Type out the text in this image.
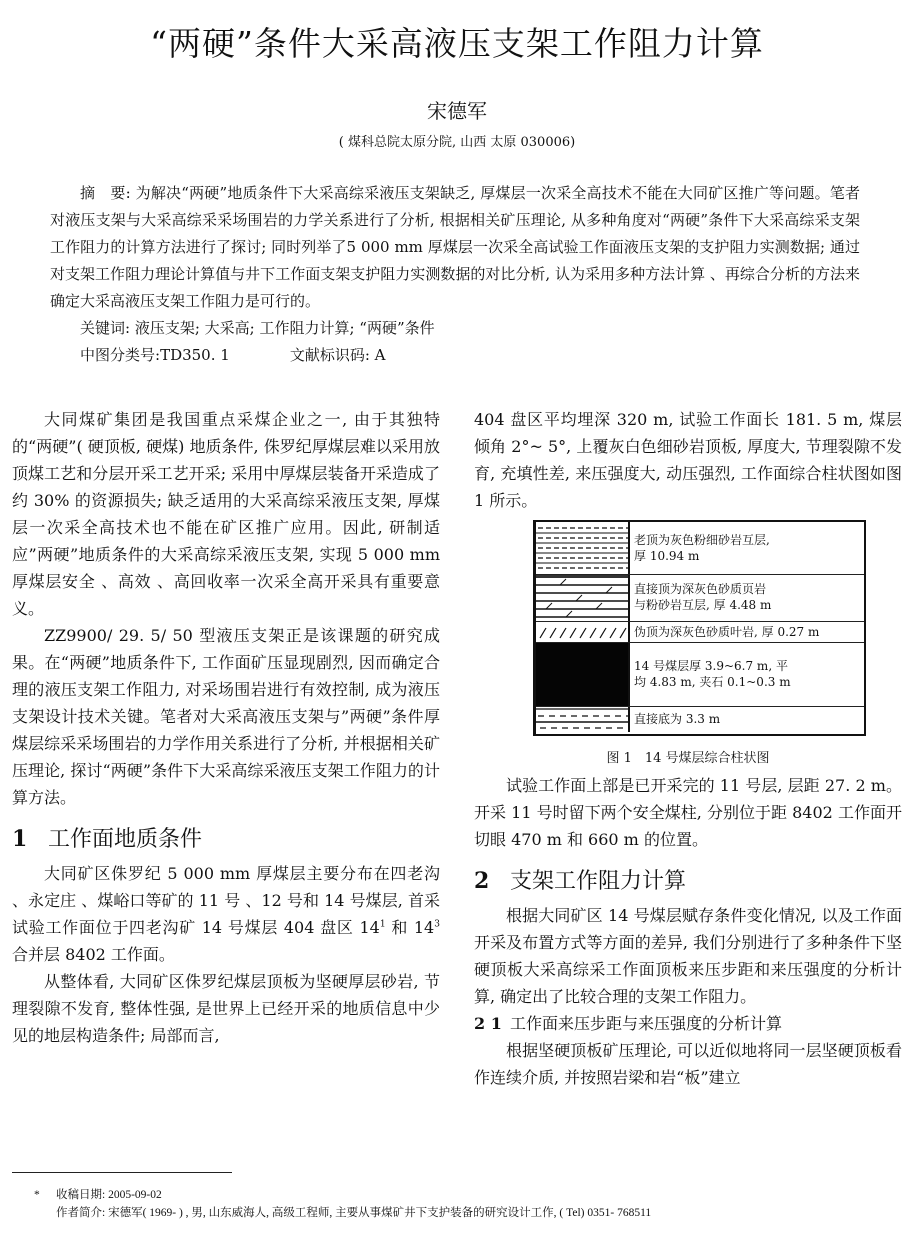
“两硬”条件大采高液压支架工作阻力计算
宋德军
( 煤科总院太原分院, 山西 太原 030006)

摘　要: 为解决“两硬”地质条件下大采高综采液压支架缺乏, 厚煤层一次采全高技术不能在大同矿区推广等问题。笔者对液压支架与大采高综采采场围岩的力学关系进行了分析, 根据相关矿压理论, 从多种角度对“两硬”条件下大采高综采支架工作阻力的计算方法进行了探讨; 同时列举了5 000 mm 厚煤层一次采全高试验工作面液压支架的支护阻力实测数据; 通过对支架工作阻力理论计算值与井下工作面支架支护阻力实测数据的对比分析, 认为采用多种方法计算 、再综合分析的方法来确定大采高液压支架工作阻力是可行的。

关键词: 液压支架; 大采高; 工作阻力计算; “两硬”条件
中图分类号:TD350. 1	文献标识码: A

大同煤矿集团是我国重点采煤企业之一, 由于其独特的“两硬”( 硬顶板, 硬煤) 地质条件, 侏罗纪厚煤层难以采用放顶煤工艺和分层开采工艺开采; 采用中厚煤层装备开采造成了约 30% 的资源损失; 缺乏适用的大采高综采液压支架, 厚煤层一次采全高技术也不能在矿区推广应用。因此, 研制适应”两硬”地质条件的大采高综采液压支架, 实现 5 000 mm 厚煤层安全 、高效 、高回收率一次采全高开采具有重要意义。

ZZ9900/ 29. 5/ 50 型液压支架正是该课题的研究成果。在“两硬”地质条件下, 工作面矿压显现剧烈, 因而确定合理的液压支架工作阻力, 对采场围岩进行有效控制, 成为液压支架设计技术关键。笔者对大采高液压支架与”两硬”条件厚煤层综采采场围岩的力学作用关系进行了分析, 并根据相关矿压理论, 探讨“两硬”条件下大采高综采液压支架工作阻力的计算方法。

1 工作面地质条件

大同矿区侏罗纪 5 000 mm 厚煤层主要分布在四老沟 、永定庄 、煤峪口等矿的 11 号 、12 号和 14 号煤层, 首采试验工作面位于四老沟矿 14 号煤层 404 盘区 $14^1$ 和 $14^3$ 合并层 8402 工作面。

从整体看, 大同矿区侏罗纪煤层顶板为坚硬厚层砂岩, 节理裂隙不发育, 整体性强, 是世界上已经开采的地质信息中少见的地层构造条件; 局部而言,

404 盘区平均埋深 320 m, 试验工作面长 181. 5 m, 煤层倾角 2°~ 5°, 上覆灰白色细砂岩顶板, 厚度大, 节理裂隙不发育, 充填性差, 来压强度大, 动压强烈, 工作面综合柱状图如图 1 所示。

老顶为灰色粉细砂岩互层,
厚 10.94 m
直接顶为深灰色砂质页岩
与粉砂岩互层, 厚 4.48 m
伪顶为深灰色砂质叶岩, 厚 0.27 m
14 号煤层厚 3.9~6.7 m, 平
均 4.83 m, 夹石 0.1~0.3 m
直接底为 3.3 m
图 1　14 号煤层综合柱状图

试验工作面上部是已开采完的 11 号层, 层距 27. 2 m。开采 11 号时留下两个安全煤柱, 分别位于距 8402 工作面开切眼 470 m 和 660 m 的位置。

2 支架工作阻力计算

根据大同矿区 14 号煤层赋存条件变化情况, 以及工作面开采及布置方式等方面的差异, 我们分别进行了多种条件下坚硬顶板大采高综采工作面顶板来压步距和来压强度的分析计算, 确定出了比较合理的支架工作阻力。

2 1 工作面来压步距与来压强度的分析计算

根据坚硬顶板矿压理论, 可以近似地将同一层坚硬顶板看作连续介质, 并按照岩梁和岩“板”建立

* 收稿日期: 2005-09-02
作者简介: 宋德军( 1969- ) , 男, 山东威海人, 高级工程师, 主要从事煤矿井下支护装备的研究设计工作, ( Tel) 0351- 768511
